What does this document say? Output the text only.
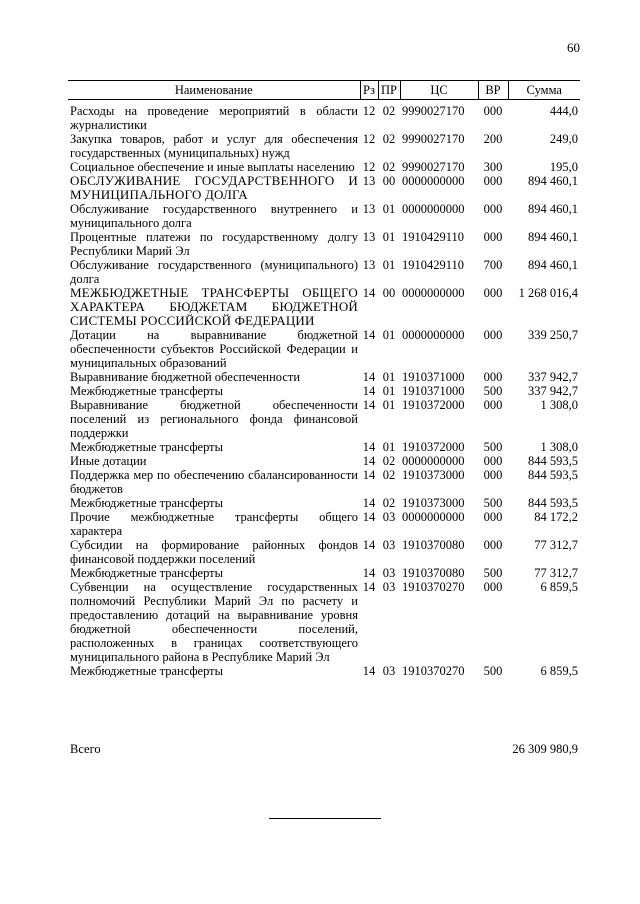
60
Наименование	Рз	ПР	ЦС	ВР	Сумма
Расходы на проведение мероприятий в области журналистики	12	02	9990027170	000	444,0
Закупка товаров, работ и услуг для обеспечения государственных (муниципальных) нужд	12	02	9990027170	200	249,0
Социальное обеспечение и иные выплаты населению	12	02	9990027170	300	195,0
ОБСЛУЖИВАНИЕ ГОСУДАРСТВЕННОГО И МУНИЦИПАЛЬНОГО ДОЛГА	13	00	0000000000	000	894 460,1
Обслуживание государственного внутреннего и муниципального долга	13	01	0000000000	000	894 460,1
Процентные платежи по государственному долгу Республики Марий Эл	13	01	1910429110	000	894 460,1
Обслуживание государственного (муниципального) долга	13	01	1910429110	700	894 460,1
МЕЖБЮДЖЕТНЫЕ ТРАНСФЕРТЫ ОБЩЕГО ХАРАКТЕРА БЮДЖЕТАМ БЮДЖЕТНОЙ СИСТЕМЫ РОССИЙСКОЙ ФЕДЕРАЦИИ	14	00	0000000000	000	1 268 016,4
Дотации на выравнивание бюджетной обеспеченности субъектов Российской Федерации и муниципальных образований	14	01	0000000000	000	339 250,7
Выравнивание бюджетной обеспеченности	14	01	1910371000	000	337 942,7
Межбюджетные трансферты	14	01	1910371000	500	337 942,7
Выравнивание бюджетной обеспеченности поселений из регионального фонда финансовой поддержки	14	01	1910372000	000	1 308,0
Межбюджетные трансферты	14	01	1910372000	500	1 308,0
Иные дотации	14	02	0000000000	000	844 593,5
Поддержка мер по обеспечению сбалансированности бюджетов	14	02	1910373000	000	844 593,5
Межбюджетные трансферты	14	02	1910373000	500	844 593,5
Прочие межбюджетные трансферты общего характера	14	03	0000000000	000	84 172,2
Субсидии на формирование районных фондов финансовой поддержки поселений	14	03	1910370080	000	77 312,7
Межбюджетные трансферты	14	03	1910370080	500	77 312,7
Субвенции на осуществление государственных полномочий Республики Марий Эл по расчету и предоставлению дотаций на выравнивание уровня бюджетной обеспеченности поселений, расположенных в границах соответствующего муниципального района в Республике Марий Эл	14	03	1910370270	000	6 859,5
Межбюджетные трансферты	14	03	1910370270	500	6 859,5
Всего	26 309 980,9
